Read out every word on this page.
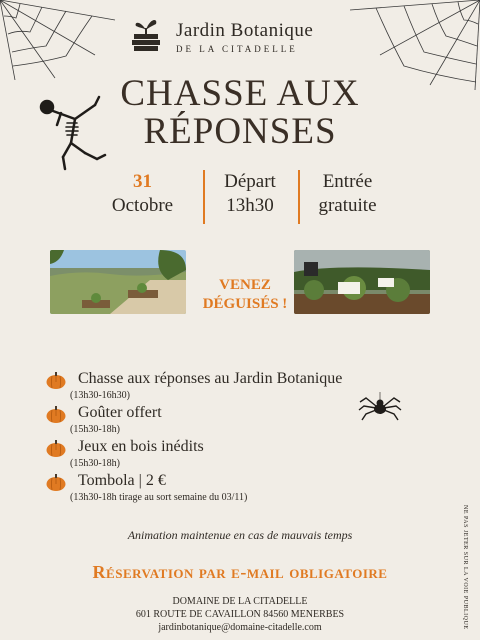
Jardin Botanique
DE LA CITADELLE
CHASSE AUX
RÉPONSES
31
Octobre
Départ
13h30
Entrée
gratuite
VENEZ
DÉGUISÉS !
Chasse aux réponses au Jardin Botanique
(13h30-16h30)
Goûter offert
(15h30-18h)
Jeux en bois inédits
(15h30-18h)
Tombola | 2 €
(13h30-18h tirage au sort semaine du 03/11)
Animation maintenue en cas de mauvais temps
Réservation par e-mail obligatoire
DOMAINE DE LA CITADELLE
601 ROUTE DE CAVAILLON 84560 MENERBES
jardinbotanique@domaine-citadelle.com	NE PAS JETER SUR LA VOIE PUBLIQUE
